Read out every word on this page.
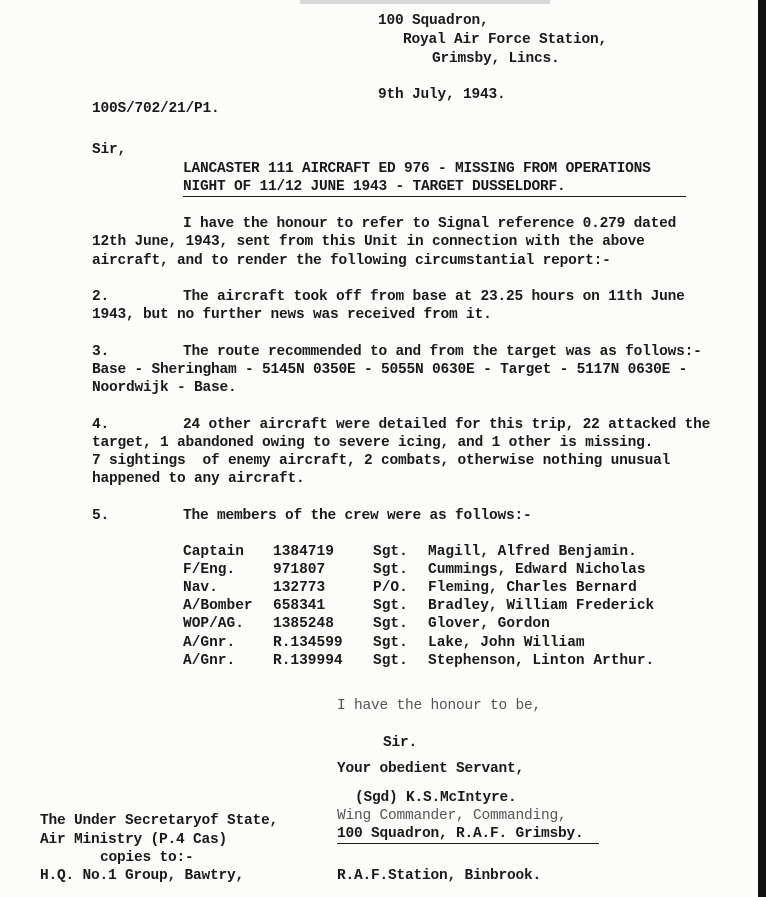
100 Squadron,
Royal Air Force Station,
Grimsby, Lincs.
9th July, 1943.
100S/702/21/P1.
Sir,
LANCASTER 111 AIRCRAFT ED 976 - MISSING FROM OPERATIONS
NIGHT OF 11/12 JUNE 1943 - TARGET DUSSELDORF.
I have the honour to refer to Signal reference 0.279 dated
12th June, 1943, sent from this Unit in connection with the above
aircraft, and to render the following circumstantial report:-
2.	The aircraft took off from base at 23.25 hours on 11th June
1943, but no further news was received from it.
3.	The route recommended to and from the target was as follows:-
Base - Sheringham - 5145N 0350E - 5055N 0630E - Target - 5117N 0630E -
Noordwijk - Base.
4.	24 other aircraft were detailed for this trip, 22 attacked the
target, 1 abandoned owing to severe icing, and 1 other is missing.
7 sightings  of enemy aircraft, 2 combats, otherwise nothing unusual
happened to any aircraft.
5.	The members of the crew were as follows:-
Captain 1384719	Sgt. Magill, Alfred Benjamin.
F/Eng.	971807	Sgt. Cummings, Edward Nicholas
Nav.	132773	P/O. Fleming, Charles Bernard
A/Bomber 658341	Sgt. Bradley, William Frederick
WOP/AG. 1385248	Sgt. Glover, Gordon
A/Gnr.	R.134599 Sgt. Lake, John William
A/Gnr.	R.139994 Sgt. Stephenson, Linton Arthur.
I have the honour to be,
Sir.
Your obedient Servant,
(Sgd) K.S.McIntyre.
Wing Commander, Commanding,
100 Squadron, R.A.F. Grimsby.
The Under Secretaryof State,
Air Ministry (P.4 Cas)
copies to:-
H.Q. No.1 Group, Bawtry,	R.A.F.Station, Binbrook.
